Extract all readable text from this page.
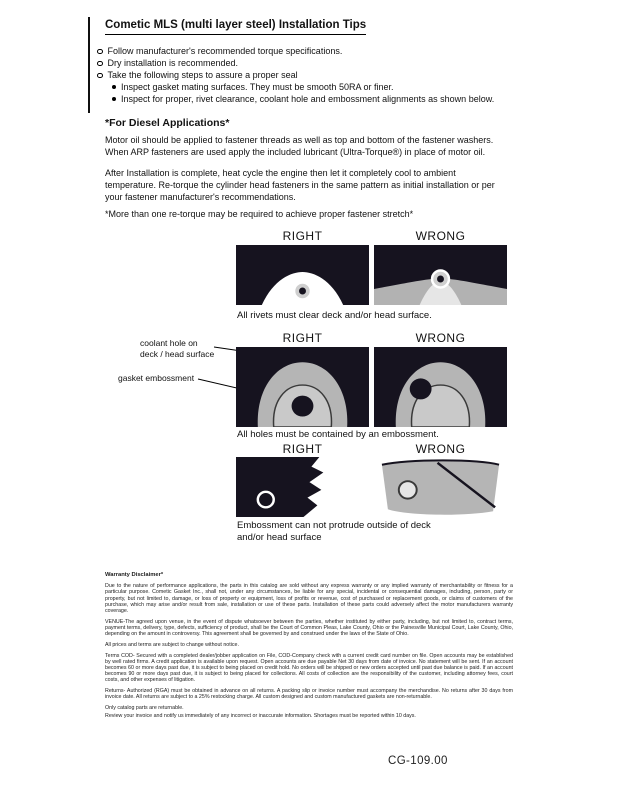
Cometic MLS (multi layer steel) Installation Tips
Follow manufacturer's recommended torque specifications.
Dry installation is recommended.
Take the following steps to assure a proper seal
Inspect gasket mating surfaces. They must be smooth 50RA or finer.
Inspect for proper, rivet clearance, coolant hole and embossment alignments as shown below.
*For Diesel Applications*

Motor oil should be applied to fastener threads as well as top and bottom of the fastener washers. When ARP fasteners are used apply the included lubricant (Ultra-Torque®) in place of motor oil.

After Installation is complete, heat cycle the engine then let it completely cool to ambient temperature. Re-torque the cylinder head fasteners in the same pattern as initial installation or per your fastener manufacturer's recommendations.

*More than one re-torque may be required to achieve proper fastener stretch*
RIGHT	WRONG
All rivets must clear deck and/or head surface.
RIGHT	WRONG
coolant hole on
deck / head surface
gasket embossment
All holes must be contained by an embossment.
RIGHT	WRONG
Embossment can not protrude outside of deck
and/or head surface
Warranty Disclaimer*

Due to the nature of performance applications, the parts in this catalog are sold without any express warranty or any implied warranty of merchantability or fitness for a particular purpose. Cometic Gasket Inc., shall not, under any circumstances, be liable for any special, incidental or consequential damages, including, person, party or property, but not limited to, damage, or loss of property or equipment, loss of profits or revenue, cost of purchased or replacement goods, or claims of customers of the purchase, which may arise and/or result from sale, installation or use of these parts. Installation of these parts could adversely affect the motor manufacturers warranty coverage.

VENUE-The agreed upon venue, in the event of dispute whatsoever between the parties, whether instituted by either party, including, but not limited to, contract terms, payment terms, delivery, type, defects, sufficiency of product, shall be the Court of Common Pleas, Lake County, Ohio or the Painesville Municipal Court, Lake County, Ohio, depending on the amount in controversy. This agreement shall be governed by and construed under the laws of the State of Ohio.

All prices and terms are subject to change without notice.

Terms COD- Secured with a completed dealer/jobber application on File, COD-Company check with a current credit card number on file. Open accounts may be established by well rated firms. A credit application is available upon request. Open accounts are due payable Net 30 days from date of invoice. No statement will be sent. If an account becomes 60 or more days past due, it is subject to being placed on credit hold. No orders will be shipped or new orders accepted until past due balance is paid. If an account becomes 90 or more days past due, it is subject to being placed for collections. All costs of collection are the responsibility of the customer, including attorney fees, court costs, and other expenses of litigation.

Returns- Authorized (RGA) must be obtained in advance on all returns. A packing slip or invoice number must accompany the merchandise. No returns after 30 days from invoice date. All returns are subject to a 25% restocking charge. All custom designed and custom manufactured gaskets are non-returnable.

Only catalog parts are returnable.

Review your invoice and notify us immediately of any incorrect or inaccurate information. Shortages must be reported within 10 days.

CG-109.00
